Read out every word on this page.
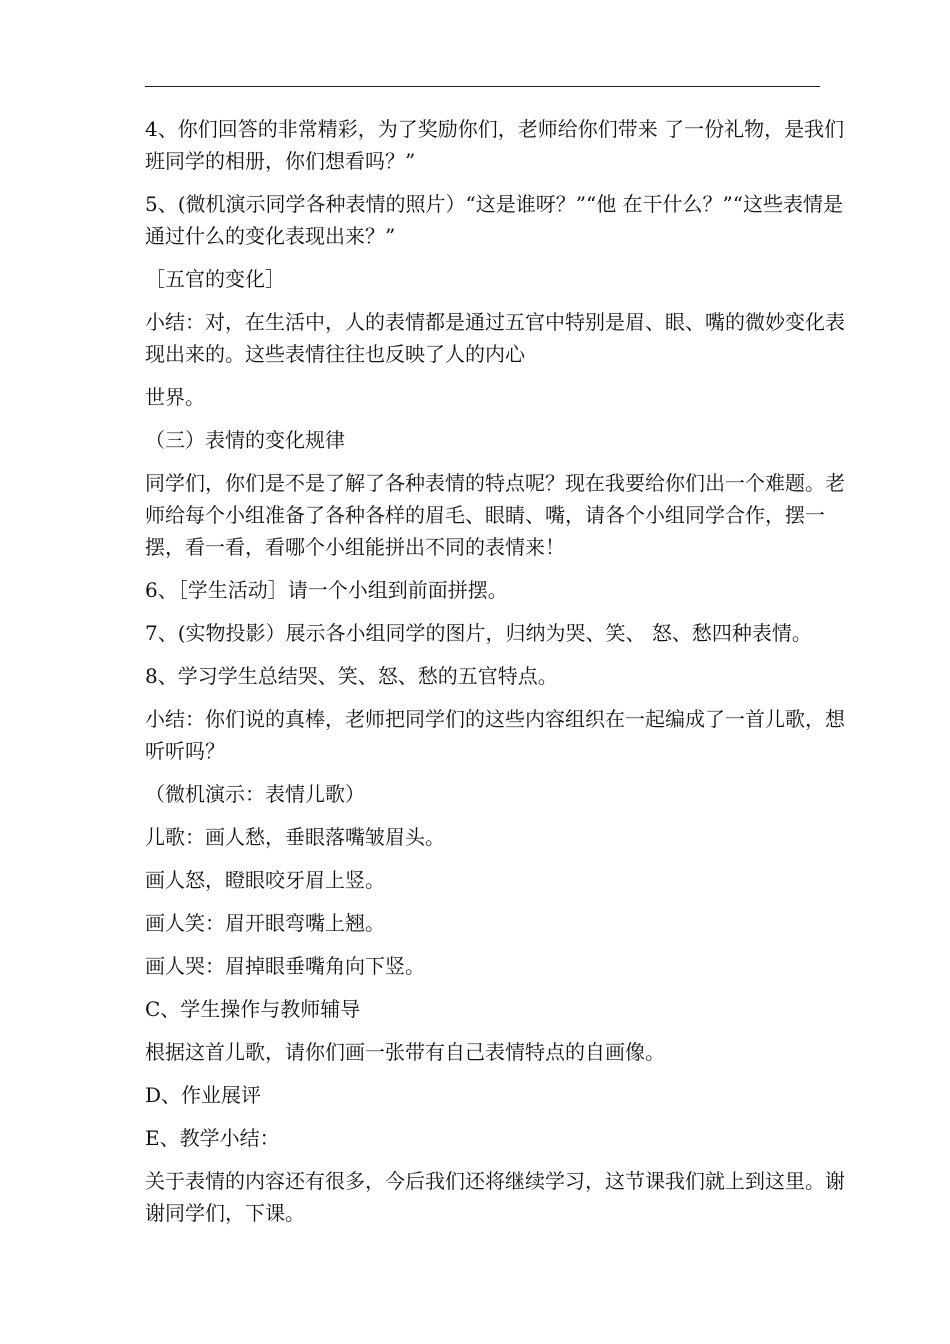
4、你们回答的非常精彩，为了奖励你们，老师给你们带来 了一份礼物，是我们班同学的相册，你们想看吗？”

5、(微机演示同学各种表情的照片）“这是谁呀？”“他 在干什么？”“这些表情是通过什么的变化表现出来？”

［五官的变化］

小结：对，在生活中，人的表情都是通过五官中特别是眉、眼、嘴的微妙变化表现出来的。这些表情往往也反映了人的内心

世界。

（三）表情的变化规律

同学们，你们是不是了解了各种表情的特点呢？现在我要给你们出一个难题。老师给每个小组准备了各种各样的眉毛、眼睛、嘴，请各个小组同学合作，摆一摆，看一看，看哪个小组能拼出不同的表情来！

6、［学生活动］请一个小组到前面拼摆。

7、(实物投影）展示各小组同学的图片，归纳为哭、笑、 怒、愁四种表情。

8、学习学生总结哭、笑、怒、愁的五官特点。

小结：你们说的真棒，老师把同学们的这些内容组织在一起编成了一首儿歌，想听听吗？

（微机演示：表情儿歌）

儿歌：画人愁，垂眼落嘴皱眉头。

画人怒，瞪眼咬牙眉上竖。

画人笑：眉开眼弯嘴上翘。

画人哭：眉掉眼垂嘴角向下竖。

C、学生操作与教师辅导

根据这首儿歌，请你们画一张带有自己表情特点的自画像。

D、作业展评

E、教学小结：

关于表情的内容还有很多，今后我们还将继续学习，这节课我们就上到这里。谢谢同学们，下课。
